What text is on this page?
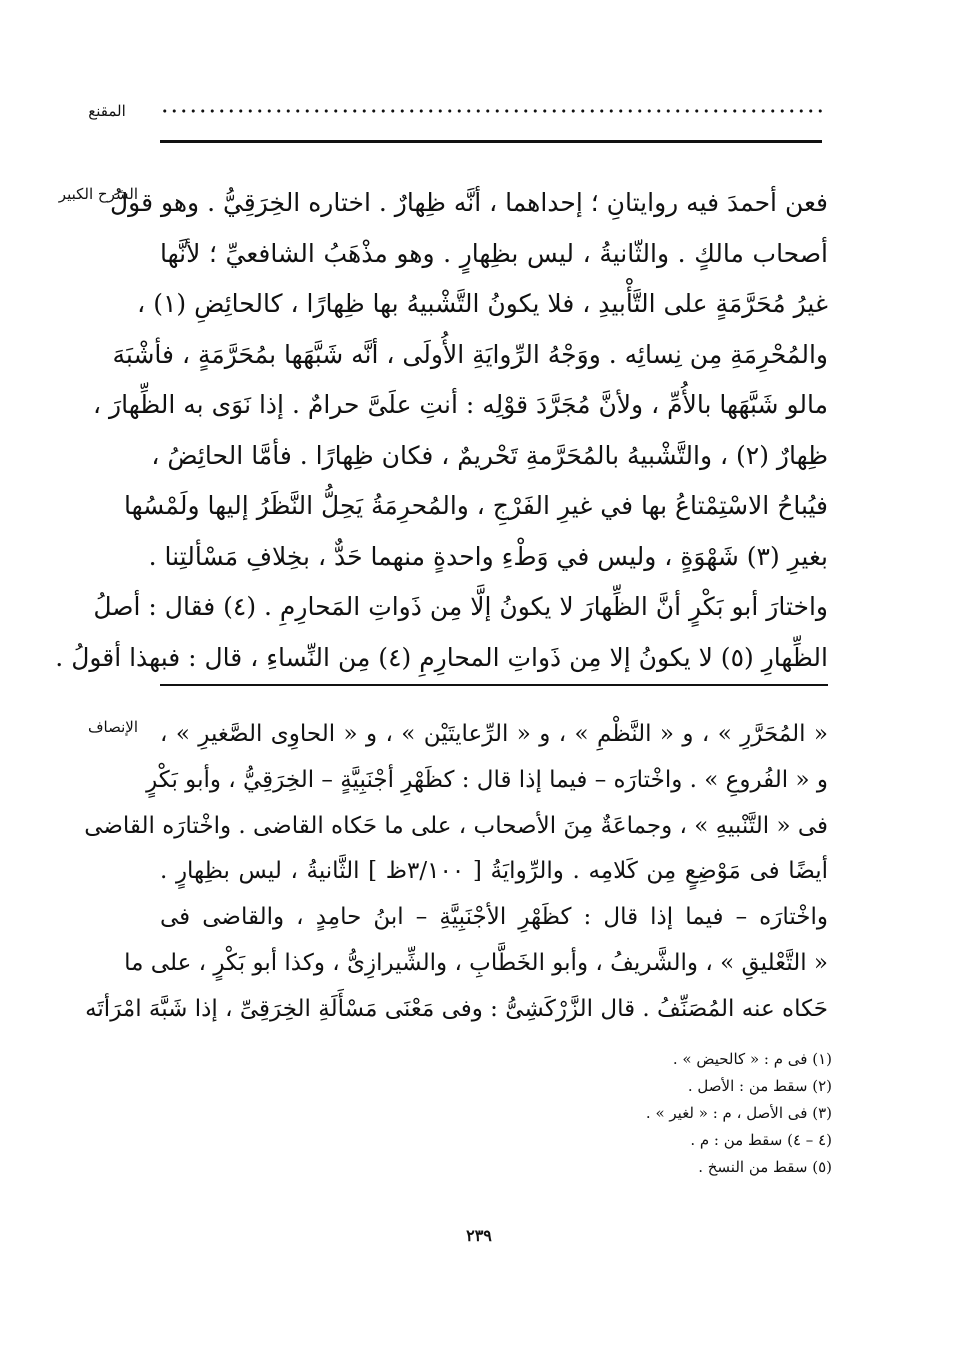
المقنع
الشرح الكبير
فعن أحمدَ فيه روايتانِ ؛ إحداهما ، أنَّه ظِهارٌ . اختاره الخِرَقِيُّ . وهو قولُ
أصحاب مالكٍ . والثّانيةُ ، ليس بظِهارٍ . وهو مذْهَبُ الشافعيِّ ؛ لأنَّها
غيرُ مُحَرَّمَةٍ على التَّأْبيدِ ، فلا يكونُ التَّشْبيهُ بها ظِهارًا ، كالحائِضِ (١) ،
والمُحْرِمَةِ مِن نِسائِه . ووَجْهُ الرِّوايَةِ الأُولَى ، أنَّه شَبَّهَها بمُحَرَّمَةٍ ، فأشْبَهَ
مالو شَبَّهَها بالأُمِّ ، ولأنَّ مُجَرَّدَ قوْلِه : أنتِ علَىَّ حرامٌ . إذا نَوَى به الظِّهارَ ،
ظِهارٌ (٢) ، والتَّشْبيهُ بالمُحَرَّمةِ تَحْريمٌ ، فكان ظِهارًا . فأمَّا الحائِضُ ،
فيُباحُ الاسْتِمْتاعُ بها في غيرِ الفَرْجِ ، والمُحرِمَةُ يَحِلُّ النَّظَرُ إليها ولَمْسُها
بغيرِ (٣) شَهْوَةٍ ، وليس في وَطْءِ واحدةٍ منهما حَدٌّ ، بخِلافِ مَسْألتِنا .
واختارَ أبو بَكْرٍ أنَّ الظِّهارَ لا يكونُ إلَّا مِن ذَواتِ المَحارِمِ . (٤) فقال : أصلُ
الظِّهارِ (٥) لا يكونُ إلا مِن ذَواتِ المحارِمِ (٤) مِن النِّساءِ ، قال : فبهذا أقولُ .
الإنصاف « المُحَرَّرِ » ، و « النَّظْمِ » ، و « الرِّعايتَيْن » ، و « الحاوِى الصَّغيرِ » ،
و « الفُروعِ » . واخْتارَه – فيما إذا قال : كظَهْرِ أجْنَبِيَّةٍ – الخِرَقِيُّ ، وأبو بَكْرٍ
فى « التَّنْبيهِ » ، وجماعَةٌ مِنَ الأصحاب ، على ما حَكاه القاضى . واخْتارَه القاضى
أيضًا فى مَوْضِعٍ مِن كَلامِه . والرِّوايَةُ [ ٣/١٠٠ظ ] الثَّانيةُ ، ليس بظِهارٍ .
واخْتارَه – فيما إذا قال : كظَهْرِ الأجْنَبِيَّةِ – ابنُ حامِدٍ ، والقاضى فى
« التَّعْليقِ » ، والشَّريفُ ، وأبو الخَطَّابِ ، والشِّيرازِىُّ ، وكذا أبو بَكْرٍ ، على ما
حَكاه عنه المُصَنِّفُ . قال الزَّرْكَشِىُّ : وفى مَعْنَى مَسْأَلَةِ الخِرَقِىِّ ، إذا شَبَّهَ امْرَأتَه
(١) فى م : « كالحيض » .
(٢) سقط من : الأصل .
(٣) فى الأصل ، م : « لغير » .
(٤ – ٤) سقط من : م .
(٥) سقط من النسخ .
٢٣٩
